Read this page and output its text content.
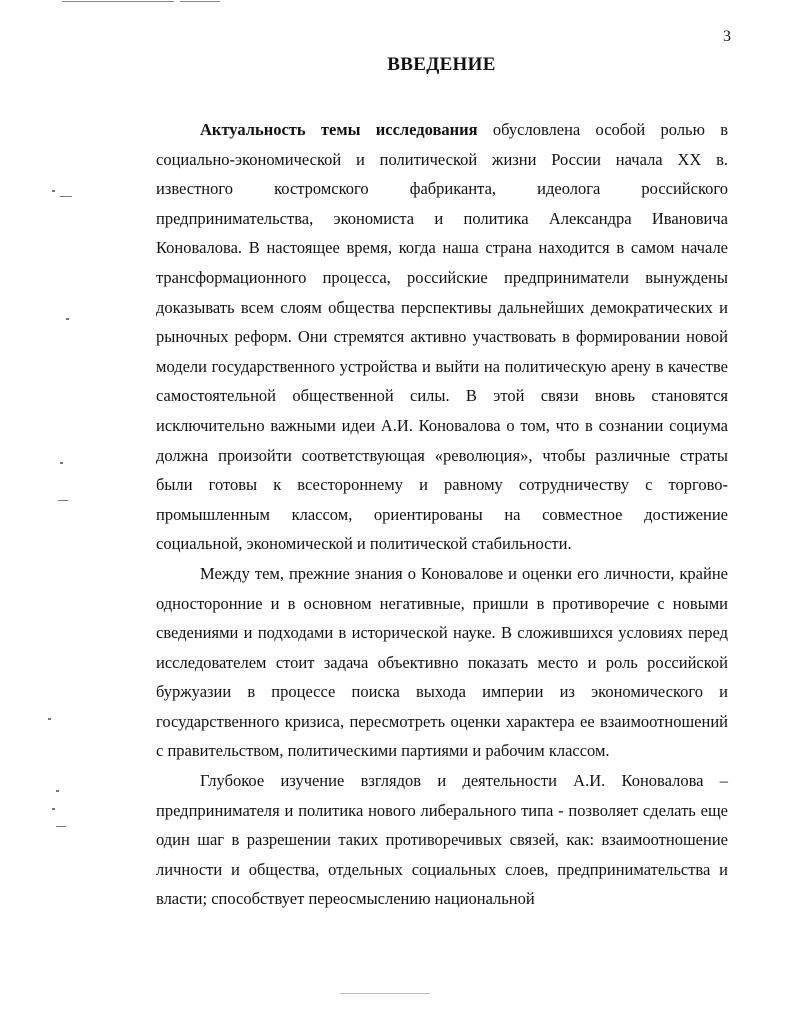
3
ВВЕДЕНИЕ

Актуальность темы исследования обусловлена особой ролью в социально-экономической и политической жизни России начала XX в. известного костромского фабриканта, идеолога российского предпринимательства, экономиста и политика Александра Ивановича Коновалова. В настоящее время, когда наша страна находится в самом начале трансформационного процесса, российские предприниматели вынуждены доказывать всем слоям общества перспективы дальнейших демократических и рыночных реформ. Они стремятся активно участвовать в формировании новой модели государственного устройства и выйти на политическую арену в качестве самостоятельной общественной силы. В этой связи вновь становятся исключительно важными идеи А.И. Коновалова о том, что в сознании социума должна произойти соответствующая «революция», чтобы различные страты были готовы к всестороннему и равному сотрудничеству с торгово-промышленным классом, ориентированы на совместное достижение социальной, экономической и политической стабильности.

Между тем, прежние знания о Коновалове и оценки его личности, крайне односторонние и в основном негативные, пришли в противоречие с новыми сведениями и подходами в исторической науке. В сложившихся условиях перед исследователем стоит задача объективно показать место и роль российской буржуазии в процессе поиска выхода империи из экономического и государственного кризиса, пересмотреть оценки характера ее взаимоотношений с правительством, политическими партиями и рабочим классом.

Глубокое изучение взглядов и деятельности А.И. Коновалова – предпринимателя и политика нового либерального типа - позволяет сделать еще один шаг в разрешении таких противоречивых связей, как: взаимоотношение личности и общества, отдельных социальных слоев, предпринимательства и власти; способствует переосмыслению национальной
